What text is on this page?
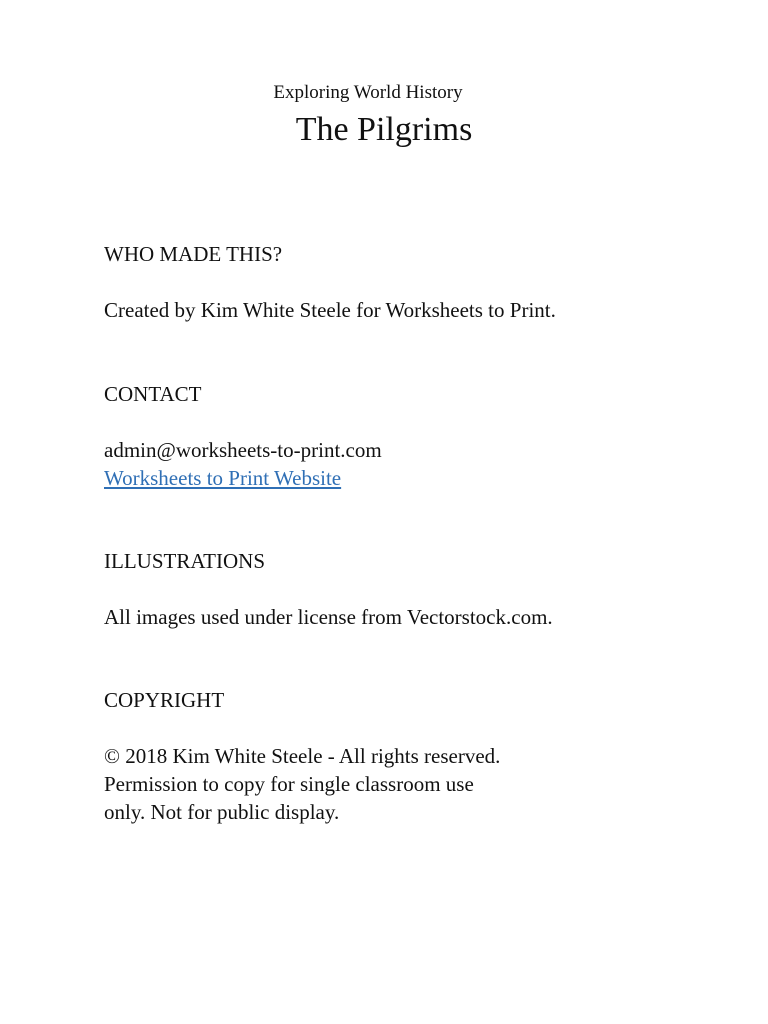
Exploring World History
The Pilgrims
WHO MADE THIS?
Created by Kim White Steele for Worksheets to Print.
CONTACT
admin@worksheets-to-print.com
Worksheets to Print Website
ILLUSTRATIONS
All images used under license from Vectorstock.com.
COPYRIGHT
© 2018 Kim White Steele - All rights reserved.
Permission to copy for single classroom use
only. Not for public display.
